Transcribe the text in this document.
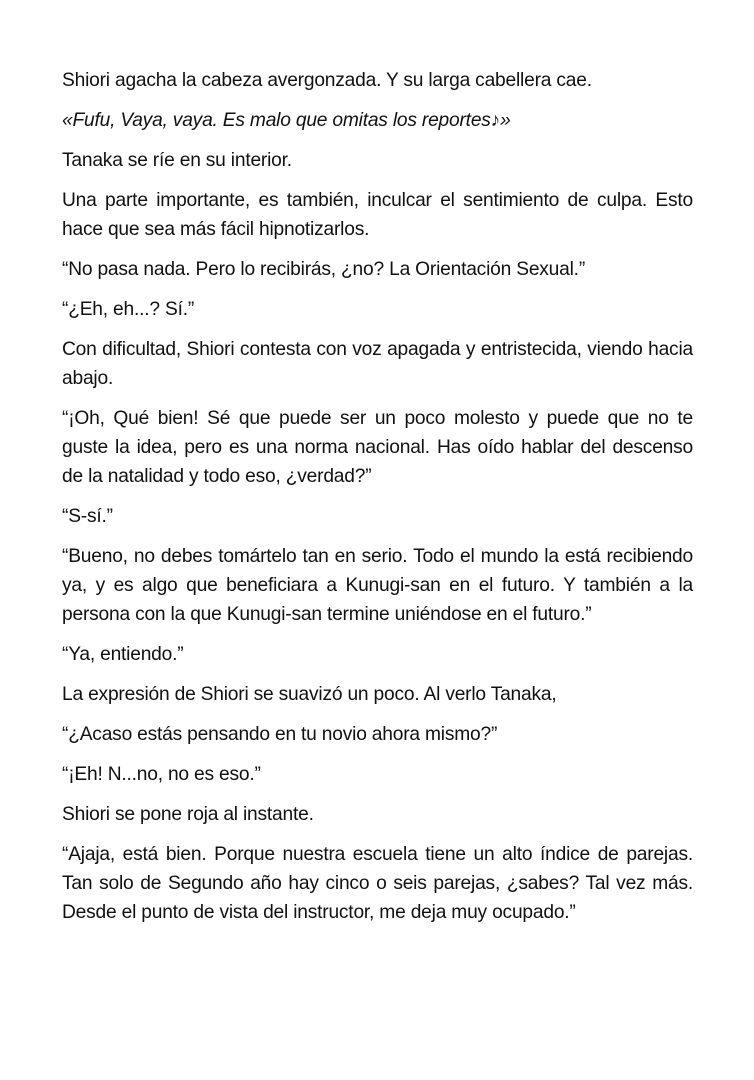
Shiori agacha la cabeza avergonzada. Y su larga cabellera cae.

«Fufu, Vaya, vaya. Es malo que omitas los reportes♪»

Tanaka se ríe en su interior.

Una parte importante, es también, inculcar el sentimiento de culpa. Esto hace que sea más fácil hipnotizarlos.

“No pasa nada. Pero lo recibirás, ¿no? La Orientación Sexual.”

“¿Eh, eh...? Sí.”

Con dificultad, Shiori contesta con voz apagada y entristecida, viendo hacia abajo.

“¡Oh, Qué bien! Sé que puede ser un poco molesto y puede que no te guste la idea, pero es una norma nacional. Has oído hablar del descenso de la natalidad y todo eso, ¿verdad?”

“S-sí.”

“Bueno, no debes tomártelo tan en serio. Todo el mundo la está recibiendo ya, y es algo que beneficiara a Kunugi-san en el futuro. Y también a la persona con la que Kunugi-san termine uniéndose en el futuro.”

“Ya, entiendo.”

La expresión de Shiori se suavizó un poco. Al verlo Tanaka,

“¿Acaso estás pensando en tu novio ahora mismo?”

“¡Eh! N...no, no es eso.”

Shiori se pone roja al instante.

“Ajaja, está bien. Porque nuestra escuela tiene un alto índice de parejas. Tan solo de Segundo año hay cinco o seis parejas, ¿sabes? Tal vez más. Desde el punto de vista del instructor, me deja muy ocupado.”
